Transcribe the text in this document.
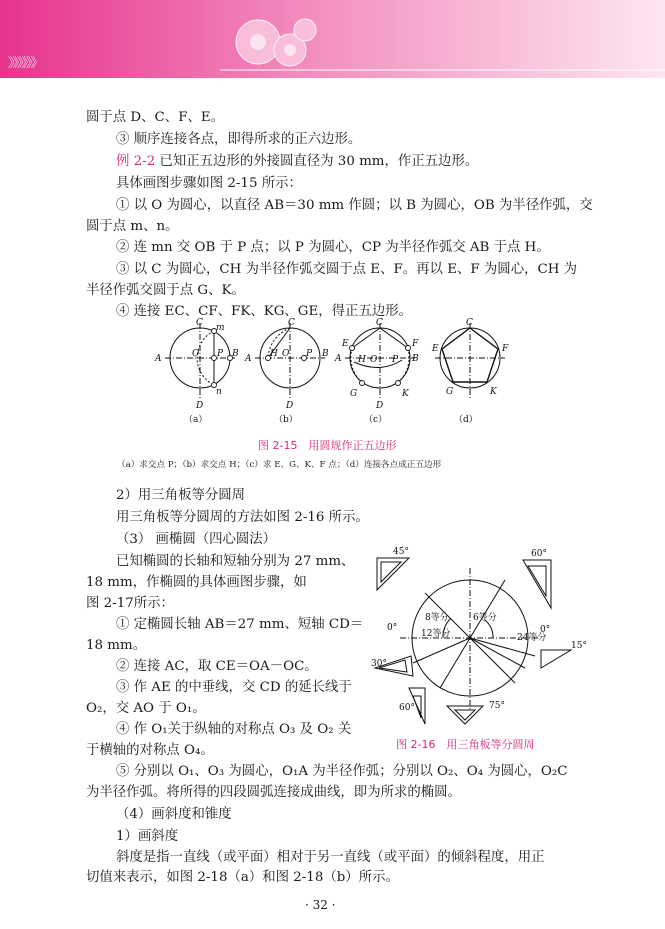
》》》》》》
圆于点 D、C、F、E。
③ 顺序连接各点，即得所求的正六边形。
例 2-2 已知正五边形的外接圆直径为 30 mm，作正五边形。
具体画图步骤如图 2-15 所示：
① 以 O 为圆心，以直径 AB＝30 mm 作圆；以 B 为圆心，OB 为半径作弧，交
圆于点 m、n。
② 连 mn 交 OB 于 P 点；以 P 为圆心，CP 为半径作弧交 AB 于点 H。
③ 以 C 为圆心，CH 为半径作弧交圆于点 E、F。再以 E、F 为圆心，CH 为
半径作弧交圆于点 G、K。
④ 连接 EC、CF、FK、KG、GE，得正五边形。
A	B
C
D
O P
m
n
A H O P B
C
D
A	B
C
D
H O P
E	F
G	K
C
E	F
G	K
（a）	（b）	（c）	（d）
图 2-15　用圆规作正五边形
（a）求交点 P；（b）求交点 H；（c）求 E、G、K、F 点；（d）连接各点成正五边形
2）用三角板等分圆周
用三角板等分圆周的方法如图 2-16 所示。
（3） 画椭圆（四心圆法）
已知椭圆的长轴和短轴分别为 27 mm、
18 mm，作椭圆的具体画图步骤，如
图 2-17所示：
① 定椭圆长轴 AB＝27 mm、短轴 CD＝
18 mm。
② 连接 AC，取 CE＝OA－OC。
③ 作 AE 的中垂线，交 CD 的延长线于
O₂，交 AO 于 O₁。
④ 作 O₁关于纵轴的对称点 O₃ 及 O₂ 关
于横轴的对称点 O₄。
45°	60°
0°	0°
30°
15°
60°	75°
8等分	6等分
12等分	24等分
图 2-16　用三角板等分圆周
⑤ 分别以 O₁、O₃ 为圆心，O₁A 为半径作弧；分别以 O₂、O₄ 为圆心，O₂C
为半径作弧。将所得的四段圆弧连接成曲线，即为所求的椭圆。
（4）画斜度和锥度
1）画斜度
斜度是指一直线（或平面）相对于另一直线（或平面）的倾斜程度，用正
切值来表示，如图 2-18（a）和图 2-18（b）所示。
· 32 ·
